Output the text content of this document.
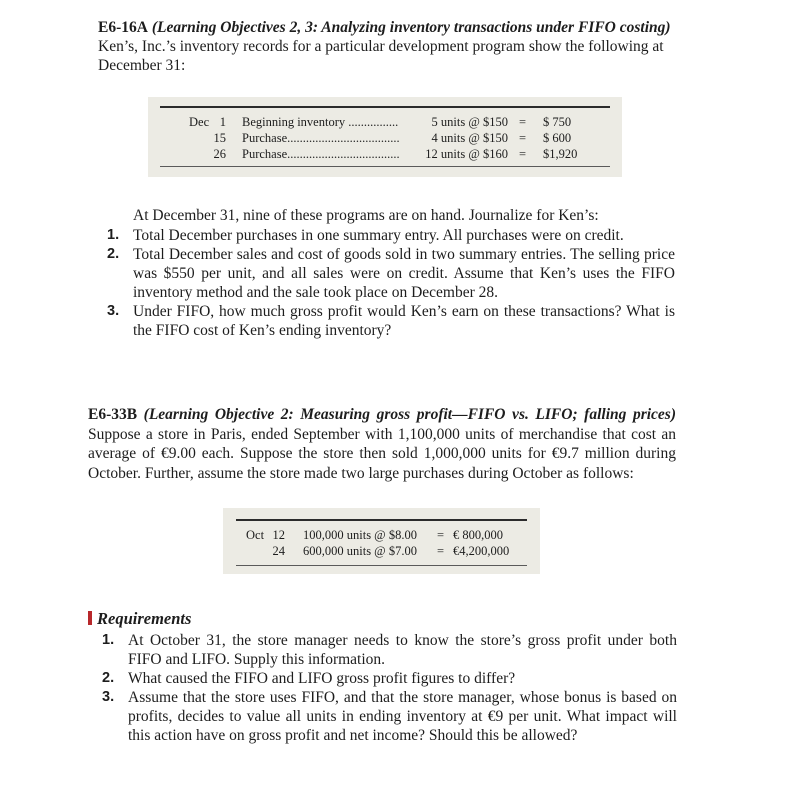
E6-16A (Learning Objectives 2, 3: Analyzing inventory transactions under FIFO costing)
Ken’s, Inc.’s inventory records for a particular development program show the following at
December 31:
Dec 1 Beginning inventory ................	5 units @ $150 = $ 750
15 Purchase....................................	4 units @ $150 = $ 600
26 Purchase....................................	12 units @ $160 = $1,920
At December 31, nine of these programs are on hand. Journalize for Ken’s:
1. Total December purchases in one summary entry. All purchases were on credit.
2. Total December sales and cost of goods sold in two summary entries. The selling price was $550 per unit, and all sales were on credit. Assume that Ken’s uses the FIFO inventory method and the sale took place on December 28.
3. Under FIFO, how much gross profit would Ken’s earn on these transactions? What is the FIFO cost of Ken’s ending inventory?
E6-33B (Learning Objective 2: Measuring gross profit—FIFO vs. LIFO; falling prices) Suppose a store in Paris, ended September with 1,100,000 units of merchandise that cost an average of €9.00 each. Suppose the store then sold 1,000,000 units for €9.7 million during October. Further, assume the store made two large purchases during October as follows:
Oct 12 100,000 units @ $8.00 = € 800,000
24 600,000 units @ $7.00 = €4,200,000
Requirements
1. At October 31, the store manager needs to know the store’s gross profit under both FIFO and LIFO. Supply this information.
2. What caused the FIFO and LIFO gross profit figures to differ?
3. Assume that the store uses FIFO, and that the store manager, whose bonus is based on profits, decides to value all units in ending inventory at €9 per unit. What impact will this action have on gross profit and net income? Should this be allowed?
